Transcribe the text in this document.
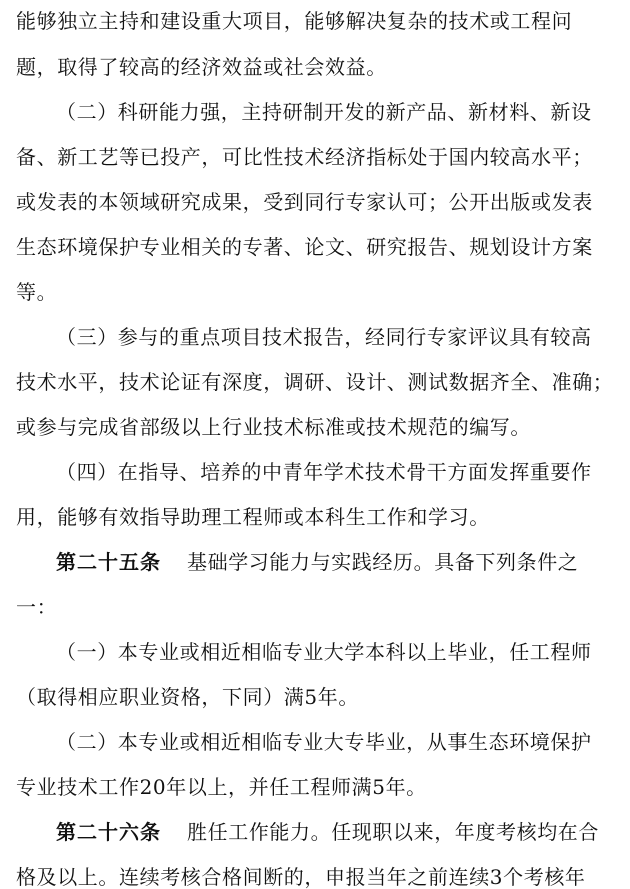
能够独立主持和建设重大项目，能够解决复杂的技术或工程问
题，取得了较高的经济效益或社会效益。
（二）科研能力强，主持研制开发的新产品、新材料、新设
备、新工艺等已投产，可比性技术经济指标处于国内较高水平；
或发表的本领域研究成果，受到同行专家认可；公开出版或发表
生态环境保护专业相关的专著、论文、研究报告、规划设计方案
等。
（三）参与的重点项目技术报告，经同行专家评议具有较高
技术水平，技术论证有深度，调研、设计、测试数据齐全、准确；
或参与完成省部级以上行业技术标准或技术规范的编写。
（四）在指导、培养的中青年学术技术骨干方面发挥重要作
用，能够有效指导助理工程师或本科生工作和学习。
第二十五条 基础学习能力与实践经历。具备下列条件之
一：
（一）本专业或相近相临专业大学本科以上毕业，任工程师
（取得相应职业资格，下同）满5年。
（二）本专业或相近相临专业大专毕业，从事生态环境保护
专业技术工作20年以上，并任工程师满5年。
第二十六条 胜任工作能力。任现职以来，年度考核均在合
格及以上。连续考核合格间断的，申报当年之前连续3个考核年
